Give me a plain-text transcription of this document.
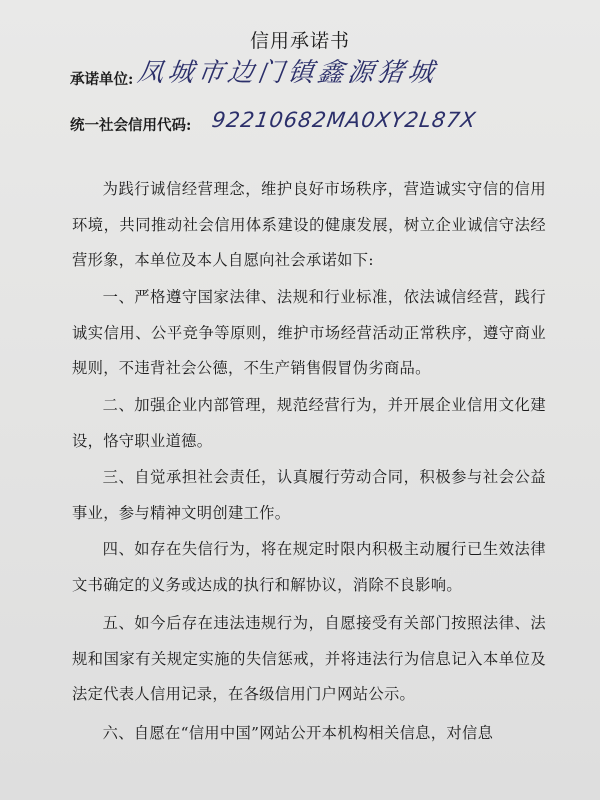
信用承诺书
承诺单位: 凤城市边门镇鑫源猪城
统一社会信用代码: 92210682MA0XY2L87X
为践行诚信经营理念，维护良好市场秩序，营造诚实守信的信用环境，共同推动社会信用体系建设的健康发展，树立企业诚信守法经营形象，本单位及本人自愿向社会承诺如下:
一、严格遵守国家法律、法规和行业标准，依法诚信经营，践行诚实信用、公平竞争等原则，维护市场经营活动正常秩序，遵守商业规则，不违背社会公德，不生产销售假冒伪劣商品。
二、加强企业内部管理，规范经营行为，并开展企业信用文化建设，恪守职业道德。
三、自觉承担社会责任，认真履行劳动合同，积极参与社会公益事业，参与精神文明创建工作。
四、如存在失信行为，将在规定时限内积极主动履行已生效法律文书确定的义务或达成的执行和解协议，消除不良影响。
五、如今后存在违法违规行为，自愿接受有关部门按照法律、法规和国家有关规定实施的失信惩戒，并将违法行为信息记入本单位及法定代表人信用记录，在各级信用门户网站公示。
六、自愿在“信用中国”网站公开本机构相关信息，对信息
